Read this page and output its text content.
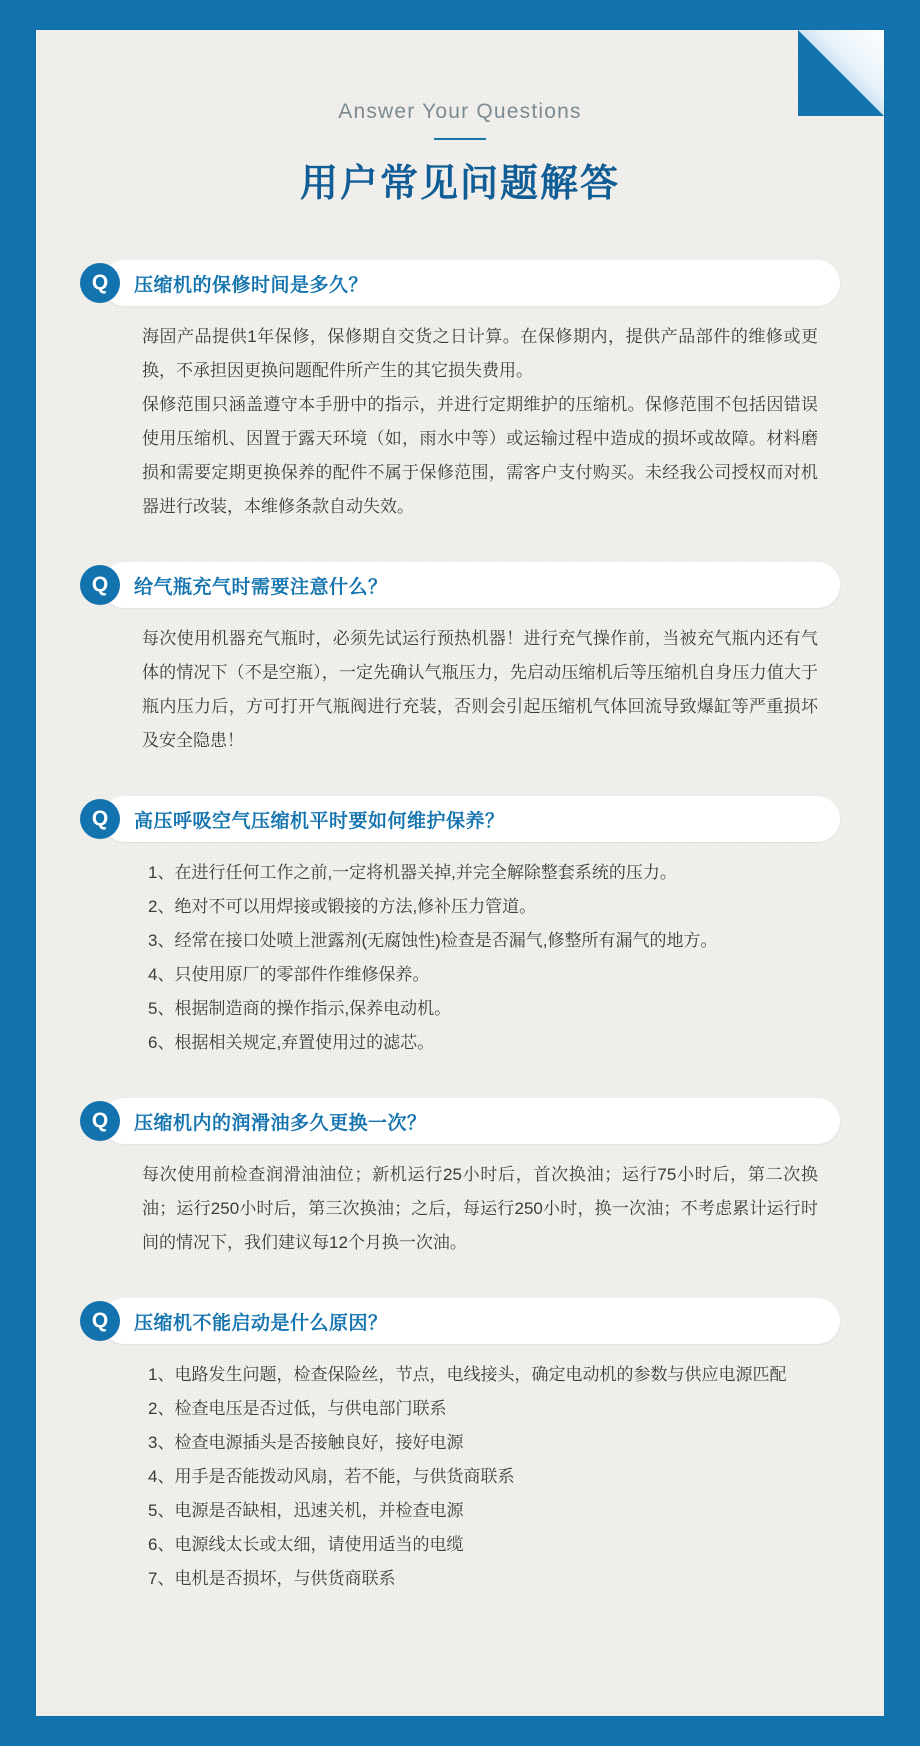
Answer Your Questions
用户常见问题解答
Q	压缩机的保修时间是多久？

海固产品提供1年保修，保修期自交货之日计算。在保修期内，提供产品部件的维修或更换，不承担因更换问题配件所产生的其它损失费用。

保修范围只涵盖遵守本手册中的指示，并进行定期维护的压缩机。保修范围不包括因错误使用压缩机、因置于露天环境（如，雨水中等）或运输过程中造成的损坏或故障。材料磨损和需要定期更换保养的配件不属于保修范围，需客户支付购买。未经我公司授权而对机器进行改装，本维修条款自动失效。

Q	给气瓶充气时需要注意什么？

每次使用机器充气瓶时，必须先试运行预热机器！进行充气操作前，当被充气瓶内还有气体的情况下（不是空瓶），一定先确认气瓶压力，先启动压缩机后等压缩机自身压力值大于瓶内压力后，方可打开气瓶阀进行充装，否则会引起压缩机气体回流导致爆缸等严重损坏及安全隐患！

Q	高压呼吸空气压缩机平时要如何维护保养？

1、在进行任何工作之前,一定将机器关掉,并完全解除整套系统的压力。

2、绝对不可以用焊接或锻接的方法,修补压力管道。

3、经常在接口处喷上泄露剂(无腐蚀性)检查是否漏气,修整所有漏气的地方。

4、只使用原厂的零部件作维修保养。

5、根据制造商的操作指示,保养电动机。

6、根据相关规定,弃置使用过的滤芯。

Q	压缩机内的润滑油多久更换一次？

每次使用前检查润滑油油位；新机运行25小时后，首次换油；运行75小时后，第二次换油；运行250小时后，第三次换油；之后，每运行250小时，换一次油；不考虑累计运行时间的情况下，我们建议每12个月换一次油。

Q	压缩机不能启动是什么原因？

1、电路发生问题，检查保险丝，节点，电线接头，确定电动机的参数与供应电源匹配

2、检查电压是否过低，与供电部门联系

3、检查电源插头是否接触良好，接好电源

4、用手是否能拨动风扇，若不能，与供货商联系

5、电源是否缺相，迅速关机，并检查电源

6、电源线太长或太细，请使用适当的电缆

7、电机是否损坏，与供货商联系
